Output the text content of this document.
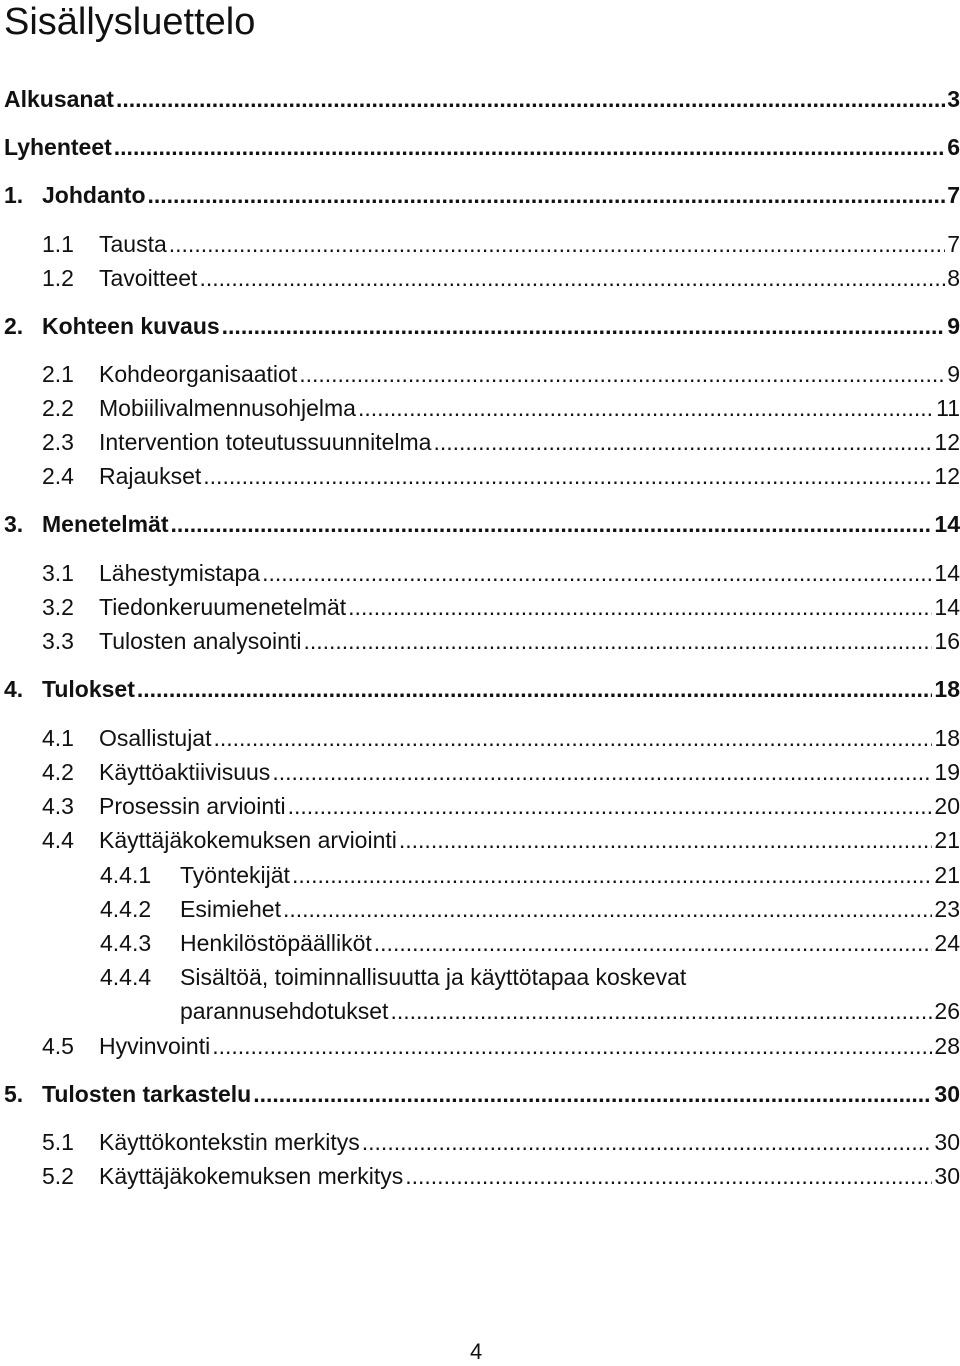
Sisällysluettelo
Alkusanat .....	3
Lyhenteet .....	6
1. Johdanto .....	7
1.1	Tausta .....	7
1.2	Tavoitteet .....	8
2. Kohteen kuvaus .....	9
2.1	Kohdeorganisaatiot .....	9
2.2	Mobiilivalmennusohjelma .....	11
2.3	Intervention toteutussuunnitelma .....	12
2.4	Rajaukset .....	12
3. Menetelmät .....	14
3.1	Lähestymistapa .....	14
3.2	Tiedonkeruumenetelmät .....	14
3.3	Tulosten analysointi .....	16
4. Tulokset .....	18
4.1	Osallistujat .....	18
4.2	Käyttöaktiivisuus .....	19
4.3	Prosessin arviointi .....	20
4.4	Käyttäjäkokemuksen arviointi .....	21
4.4.1	Työntekijät .....	21
4.4.2	Esimiehet .....	23
4.4.3	Henkilöstöpäälliköt .....	24
4.4.4 Sisältöä, toiminnallisuutta ja käyttötapaa koskevat
parannusehdotukset .....	26
4.5	Hyvinvointi .....	28
5. Tulosten tarkastelu .....	30
5.1	Käyttökontekstin merkitys .....	30
5.2	Käyttäjäkokemuksen merkitys .....	30
4
